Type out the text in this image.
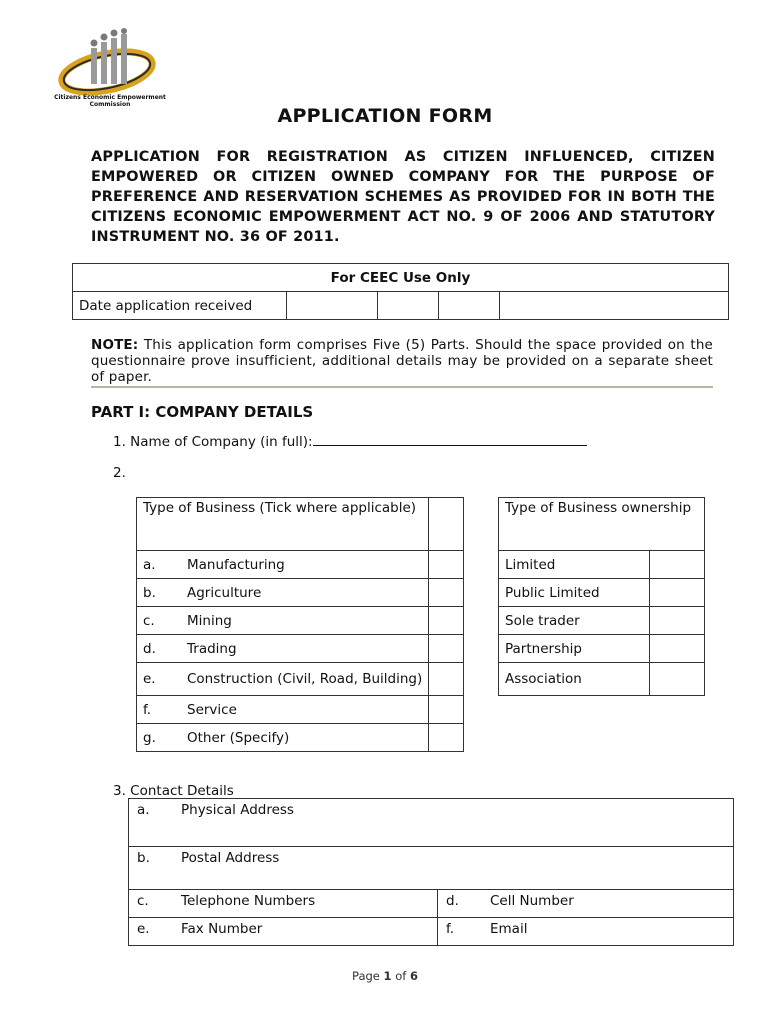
Citizens Economic Empowerment
Commission
APPLICATION FORM
APPLICATION FOR REGISTRATION AS CITIZEN INFLUENCED, CITIZEN EMPOWERED OR CITIZEN OWNED COMPANY FOR THE PURPOSE OF PREFERENCE AND RESERVATION SCHEMES AS PROVIDED FOR IN BOTH THE CITIZENS ECONOMIC EMPOWERMENT ACT NO. 9 OF 2006 AND STATUTORY INSTRUMENT NO. 36 OF 2011.
For CEEC Use Only
Date application received				
NOTE: This application form comprises Five (5) Parts. Should the space provided on the questionnaire prove insufficient, additional details may be provided on a separate sheet of paper.
PART I: COMPANY DETAILS
1. Name of Company (in full):
2.
Type of Business (Tick where applicable)	
a. Manufacturing	
b. Agriculture	
c. Mining	
d. Trading	
e. Construction (Civil, Road, Building)	
f. Service	
g. Other (Specify)	
Type of Business ownership	
Limited	
Public Limited	
Sole trader	
Partnership	
Association	
3. Contact Details
a. Physical Address	
b. Postal Address	
c. Telephone Numbers	d. Cell Number
e. Fax Number	f. Email
Page 1 of 6
